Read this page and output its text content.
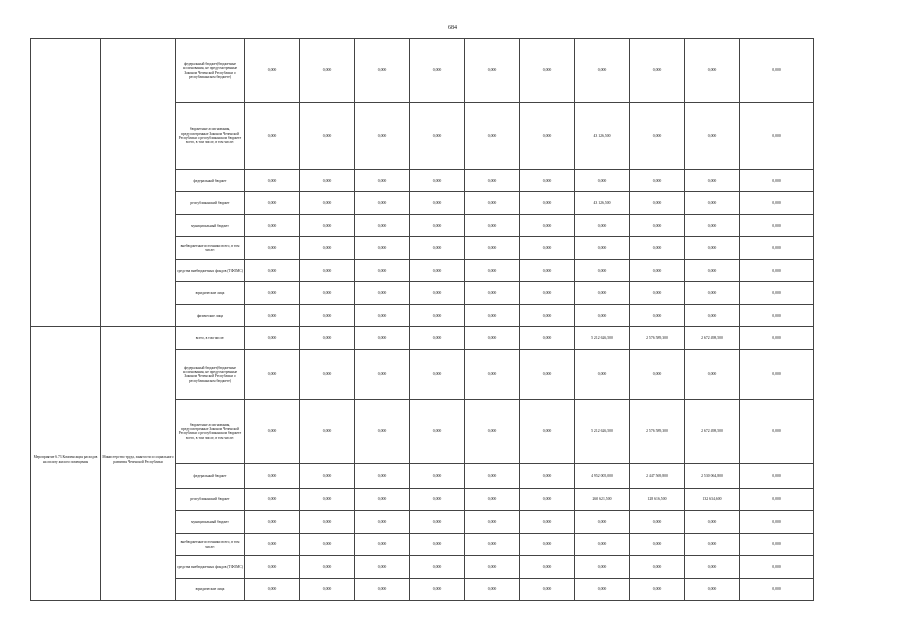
684
		федеральный бюджет(бюджетные ассигнования, не предусмотренные Законом Чеченской Республики о республиканском бюджете)	0,000	0,000	0,000	0,000	0,000	0,000	0,000	0,000	0,000	0,000	
		бюджетные ассигнования, предусмотренные Законом Чеченской Республики о республиканском бюджете всего, в том числе, в том числе:	0,000	0,000	0,000	0,000	0,000	0,000	43 126,500	0,000	0,000	0,000	
		федеральный бюджет	0,000	0,000	0,000	0,000	0,000	0,000	0,000	0,000	0,000	0,000	
		республиканский бюджет	0,000	0,000	0,000	0,000	0,000	0,000	43 126,500	0,000	0,000	0,000	
		муниципальный бюджет	0,000	0,000	0,000	0,000	0,000	0,000	0,000	0,000	0,000	0,000	
		внебюджетные источники всего, в том числе:	0,000	0,000	0,000	0,000	0,000	0,000	0,000	0,000	0,000	0,000	
		средства внебюджетных фондов (ТФОМС)	0,000	0,000	0,000	0,000	0,000	0,000	0,000	0,000	0,000	0,000	
		юридические лица	0,000	0,000	0,000	0,000	0,000	0,000	0,000	0,000	0,000	0,000	
		физические лица	0,000	0,000	0,000	0,000	0,000	0,000	0,000	0,000	0,000	0,000	
Мероприятие 6.73 Компенсация расходов на оплату жилого помещения	Министерство труда, занятости и социального развития Чеченской Республики	всего, в том числе:	0,000	0,000	0,000	0,000	0,000	0,000	5 212 626,500	2 576 589,300	2 672 498,500	0,000	
		федеральный бюджет(бюджетные ассигнования, не предусмотренные Законом Чеченской Республики о республиканском бюджете)	0,000	0,000	0,000	0,000	0,000	0,000	0,000	0,000	0,000	0,000	
		бюджетные ассигнования, предусмотренные Законом Чеченской Республики о республиканском бюджете всего, в том числе, в том числе:	0,000	0,000	0,000	0,000	0,000	0,000	5 212 626,500	2 576 589,300	2 672 498,500	0,000	
		федеральный бюджет	0,000	0,000	0,000	0,000	0,000	0,000	4 952 005,000	2 447 569,800	2 530 064,800	0,000	
		республиканский бюджет	0,000	0,000	0,000	0,000	0,000	0,000	260 621,500	128 616,500	132 634,600	0,000	
		муниципальный бюджет	0,000	0,000	0,000	0,000	0,000	0,000	0,000	0,000	0,000	0,000	
		внебюджетные источники всего, в том числе:	0,000	0,000	0,000	0,000	0,000	0,000	0,000	0,000	0,000	0,000	
		средства внебюджетных фондов (ТФОМС)	0,000	0,000	0,000	0,000	0,000	0,000	0,000	0,000	0,000	0,000	
		юридические лица	0,000	0,000	0,000	0,000	0,000	0,000	0,000	0,000	0,000	0,000	
